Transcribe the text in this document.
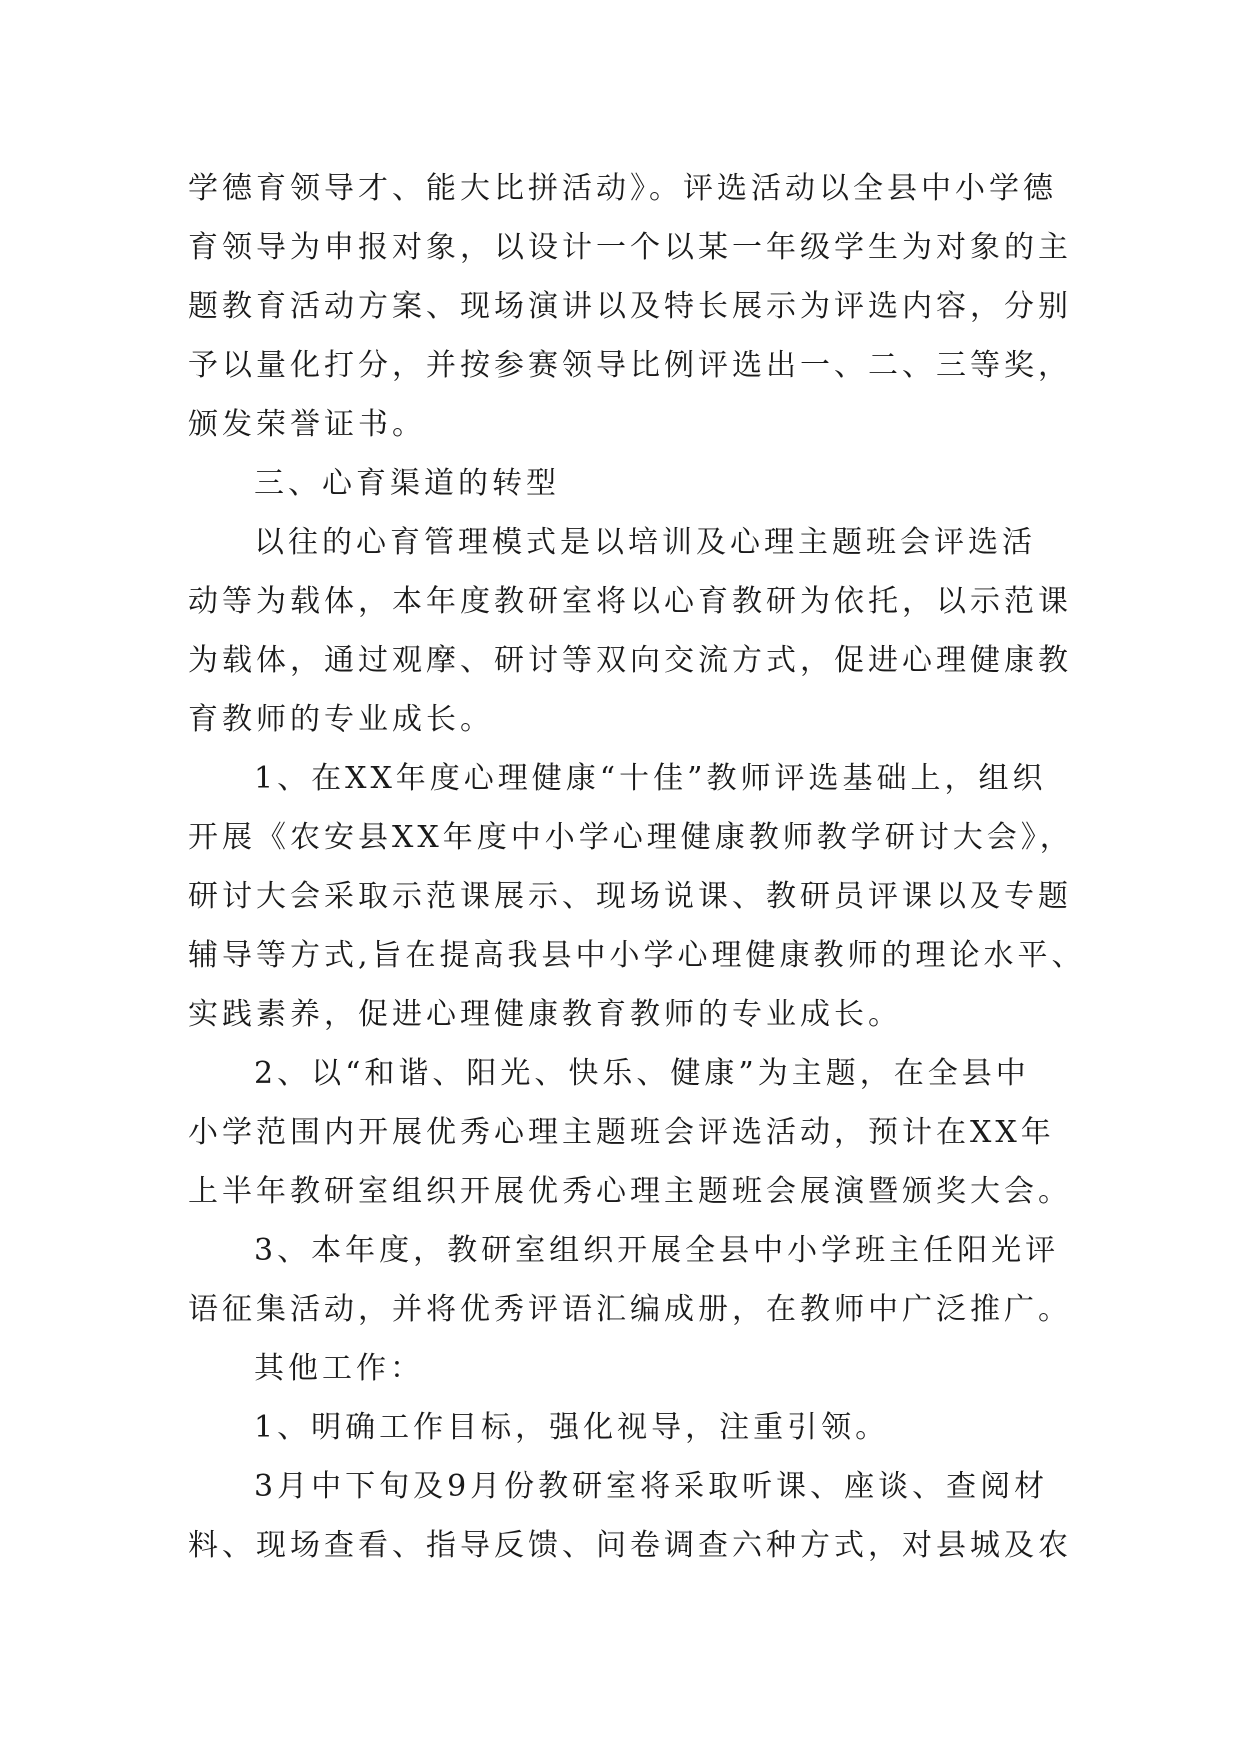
学德育领导才、能大比拼活动》。评选活动以全县中小学德
育领导为申报对象，以设计一个以某一年级学生为对象的主
题教育活动方案、现场演讲以及特长展示为评选内容，分别
予以量化打分，并按参赛领导比例评选出一、二、三等奖，
颁发荣誉证书。
三、心育渠道的转型
以往的心育管理模式是以培训及心理主题班会评选活
动等为载体，本年度教研室将以心育教研为依托，以示范课
为载体，通过观摩、研讨等双向交流方式，促进心理健康教
育教师的专业成长。
1、在XX年度心理健康“十佳”教师评选基础上，组织
开展《农安县XX年度中小学心理健康教师教学研讨大会》，
研讨大会采取示范课展示、现场说课、教研员评课以及专题
辅导等方式,旨在提高我县中小学心理健康教师的理论水平、
实践素养，促进心理健康教育教师的专业成长。
2、以“和谐、阳光、快乐、健康”为主题，在全县中
小学范围内开展优秀心理主题班会评选活动，预计在XX年
上半年教研室组织开展优秀心理主题班会展演暨颁奖大会。
3、本年度，教研室组织开展全县中小学班主任阳光评
语征集活动，并将优秀评语汇编成册，在教师中广泛推广。
其他工作：
1、明确工作目标，强化视导，注重引领。
3月中下旬及9月份教研室将采取听课、座谈、查阅材
料、现场查看、指导反馈、问卷调查六种方式，对县城及农
